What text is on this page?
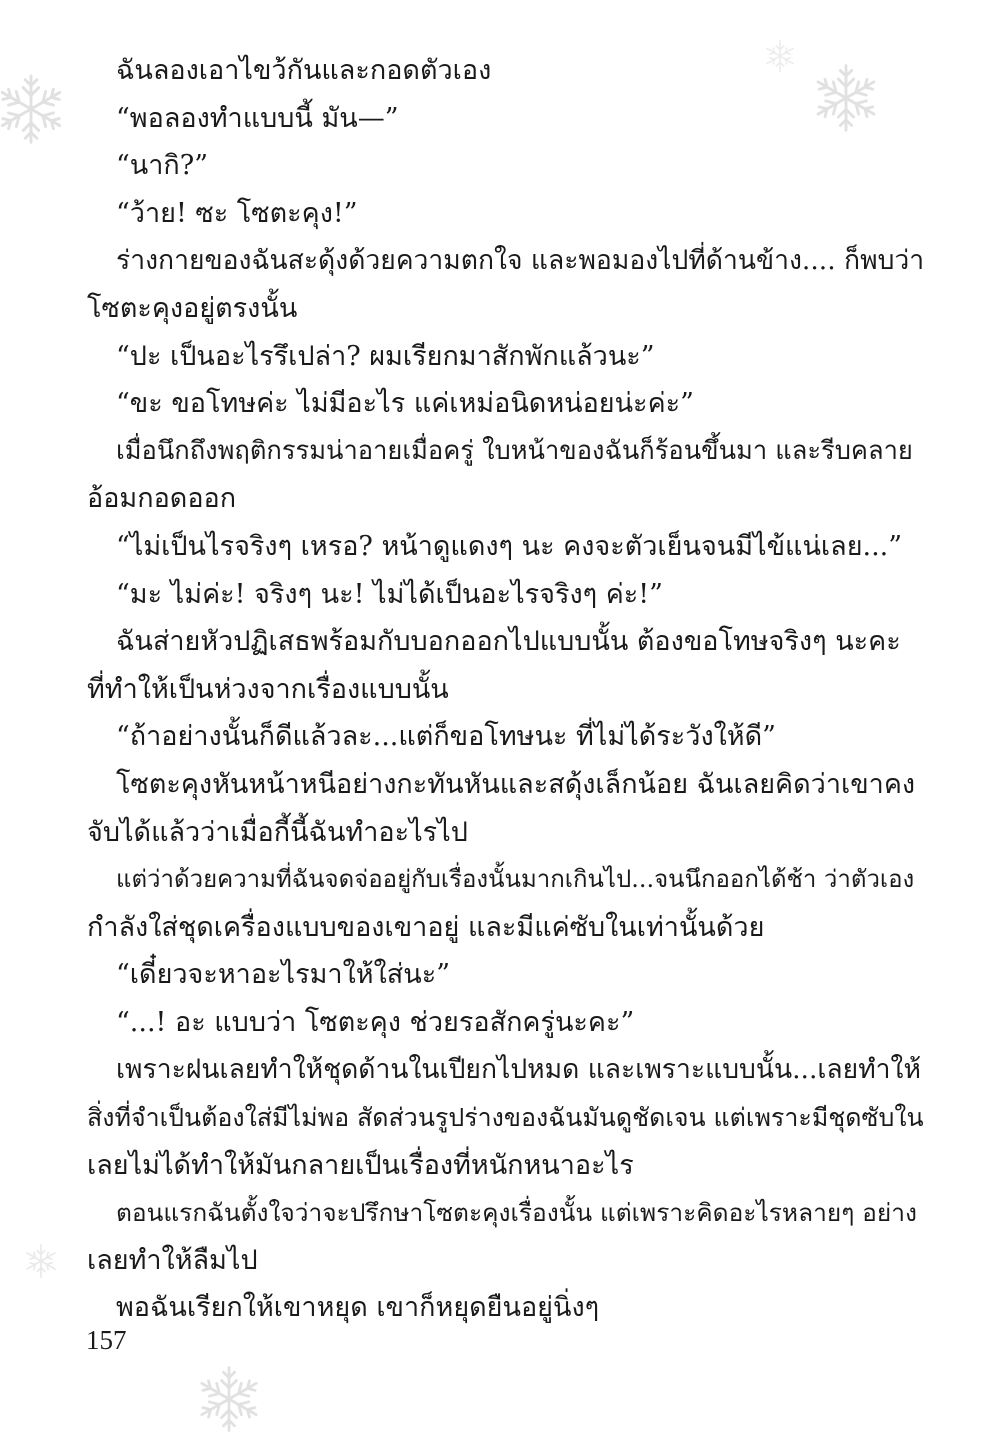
ฉันลองเอาไขว้กันและกอดตัวเอง
“พอลองทำแบบนี้ มัน—”
“นากิ?”
“ว้าย! ซะ โซตะคุง!”
ร่างกายของฉันสะดุ้งด้วยความตกใจ และพอมองไปที่ด้านข้าง.... ก็พบว่า
โซตะคุงอยู่ตรงนั้น
“ปะ เป็นอะไรรึเปล่า? ผมเรียกมาสักพักแล้วนะ”
“ขะ ขอโทษค่ะ ไม่มีอะไร แค่เหม่อนิดหน่อยน่ะค่ะ”
เมื่อนึกถึงพฤติกรรมน่าอายเมื่อครู่ ใบหน้าของฉันก็ร้อนขึ้นมา และรีบคลาย
อ้อมกอดออก
“ไม่เป็นไรจริงๆ เหรอ? หน้าดูแดงๆ นะ คงจะตัวเย็นจนมีไข้แน่เลย...”
“มะ ไม่ค่ะ! จริงๆ นะ! ไม่ได้เป็นอะไรจริงๆ ค่ะ!”
ฉันส่ายหัวปฏิเสธพร้อมกับบอกออกไปแบบนั้น ต้องขอโทษจริงๆ นะคะ
ที่ทำให้เป็นห่วงจากเรื่องแบบนั้น
“ถ้าอย่างนั้นก็ดีแล้วละ...แต่ก็ขอโทษนะ ที่ไม่ได้ระวังให้ดี”
โซตะคุงหันหน้าหนีอย่างกะทันหันและสดุ้งเล็กน้อย ฉันเลยคิดว่าเขาคง
จับได้แล้วว่าเมื่อกี้นี้ฉันทำอะไรไป
แต่ว่าด้วยความที่ฉันจดจ่ออยู่กับเรื่องนั้นมากเกินไป...จนนึกออกได้ช้า ว่าตัวเอง
กำลังใส่ชุดเครื่องแบบของเขาอยู่ และมีแค่ซับในเท่านั้นด้วย
“เดี๋ยวจะหาอะไรมาให้ใส่นะ”
“...! อะ แบบว่า โซตะคุง ช่วยรอสักครู่นะคะ”
เพราะฝนเลยทำให้ชุดด้านในเปียกไปหมด และเพราะแบบนั้น...เลยทำให้
สิ่งที่จำเป็นต้องใส่มีไม่พอ สัดส่วนรูปร่างของฉันมันดูชัดเจน แต่เพราะมีชุดซับใน
เลยไม่ได้ทำให้มันกลายเป็นเรื่องที่หนักหนาอะไร
ตอนแรกฉันตั้งใจว่าจะปรึกษาโซตะคุงเรื่องนั้น แต่เพราะคิดอะไรหลายๆ อย่าง
เลยทำให้ลืมไป
พอฉันเรียกให้เขาหยุด เขาก็หยุดยืนอยู่นิ่งๆ
157
